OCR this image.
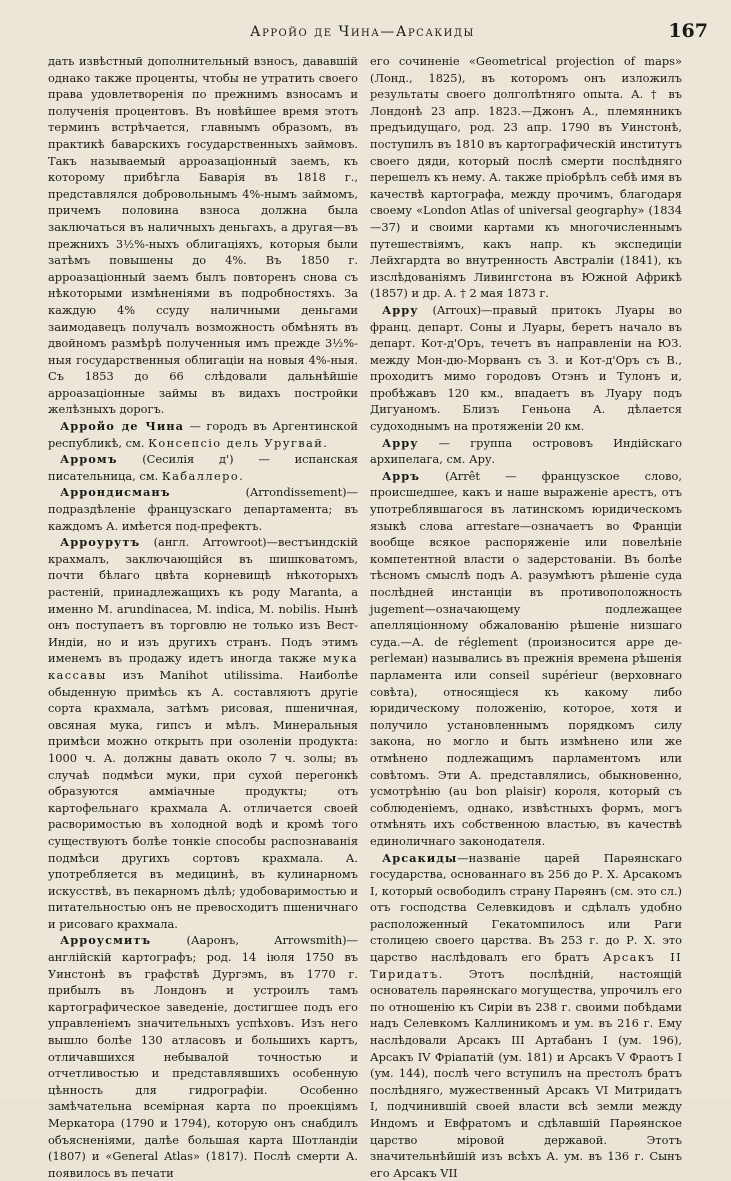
Арройо де Чина—Арсакиды	167

дать извѣстный дополнительный взносъ, дававшій однако также проценты, чтобы не утратить своего права удовлетворенія по прежнимъ взносамъ и полученія процентовъ. Въ новѣйшее время этотъ терминъ встрѣчается, главнымъ образомъ, въ практикѣ баварскихъ государственныхъ займовъ. Такъ называемый арроазаціонный заемъ, къ которому прибѣгла Баварія въ 1818 г., представлялся добровольнымъ 4%-нымъ займомъ, причемъ половина взноса должна была заключаться въ наличныхъ деньгахъ, а другая—въ прежнихъ 3½%-ныхъ облигаціяхъ, которыя были затѣмъ повышены до 4%. Въ 1850 г. арроазаціонный заемъ былъ повторенъ снова съ нѣкоторыми измѣненіями въ подробностяхъ. За каждую 4% ссуду наличными деньгами заимодавецъ получалъ возможность обмѣнять въ двойномъ размѣрѣ полученныя имъ прежде 3½%-ныя государственныя облигаціи на новыя 4%-ныя. Съ 1853 до 66 слѣдовали дальнѣйшіе арроазаціонные займы въ видахъ постройки желѣзныхъ дорогъ.

Арройо де Чина — городъ въ Аргентинской республикѣ, см. Консепсіо дель Уругвай.

Арромъ (Сесилія д') — испанская писательница, см. Кабаллеро.

Аррондисманъ (Arrondissement)—подраздѣленіе французскаго департамента; въ каждомъ А. имѣется под-префектъ.

Арроурутъ (англ. Arrowroot)—вестъиндскій крахмалъ, заключающійся въ шишковатомъ, почти бѣлаго цвѣта корневищѣ нѣкоторыхъ растеній, принадлежащихъ къ роду Maranta, а именно M. arundinacea, M. indica, M. nobilis. Нынѣ онъ поступаетъ въ торговлю не только изъ Вест-Индіи, но и изъ другихъ странъ. Подъ этимъ именемъ въ продажу идетъ иногда также мука кассавы изъ Manihot utilissima. Наиболѣе обыденную примѣсь къ А. составляютъ другіе сорта крахмала, затѣмъ рисовая, пшеничная, овсяная мука, гипсъ и мѣлъ. Минеральныя примѣси можно открыть при озоленіи продукта: 1000 ч. А. должны давать около 7 ч. золы; въ случаѣ подмѣси муки, при сухой перегонкѣ образуются амміачные продукты; отъ картофельнаго крахмала А. отличается своей расворимостью въ холодной водѣ и кромѣ того существуютъ болѣе тонкіе способы распознаванія подмѣси другихъ сортовъ крахмала. А. употребляется въ медицинѣ, въ кулинарномъ искусствѣ, въ пекарномъ дѣлѣ; удобоваримостью и питательностью онъ не превосходитъ пшеничнаго и рисоваго крахмала.

Арроусмитъ (Аарoнъ, Arrowsmith)—англійскій картографъ; род. 14 іюля 1750 въ Уинстонѣ въ графствѣ Дургэмъ, въ 1770 г. прибылъ въ Лондонъ и устроилъ тамъ картографическое заведеніе, достигшее подъ его управленіемъ значительныхъ успѣховъ. Изъ него вышло болѣе 130 атласовъ и большихъ картъ, отличавшихся небывалой точностью и отчетливостью и представлявшихъ особенную цѣнность для гидрографіи. Особенно замѣчательна всемірная карта по проекціямъ Меркатора (1790 и 1794), которую онъ снабдилъ объясненіями, далѣе большая карта Шотландіи (1807) и «General Atlas» (1817). Послѣ смерти А. появилось въ печати

его сочиненіе «Geometrical projection of maps» (Лонд., 1825), въ которомъ онъ изложилъ результаты своего долголѣтняго опыта. А. † въ Лондонѣ 23 апр. 1823.—Джонъ А., племянникъ предъидущаго, род. 23 апр. 1790 въ Уинстонѣ, поступилъ въ 1810 въ картографическій институтъ своего дяди, который послѣ смерти послѣдняго перешелъ къ нему. А. также пріобрѣлъ себѣ имя въ качествѣ картографа, между прочимъ, благодаря своему «London Atlas of universal geography» (1834—37) и своими картами къ многочисленнымъ путешествіямъ, какъ напр. къ экспедиціи Лейхгардта во внутренность Австраліи (1841), къ изслѣдованіямъ Ливингстона въ Южной Африкѣ (1857) и др. А. † 2 мая 1873 г.

Арру (Arroux)—правый притокъ Луары во франц. департ. Соны и Луары, беретъ начало въ департ. Кот-д'Оръ, течетъ въ направленіи на ЮЗ. между Мон-дю-Морванъ съ З. и Кот-д'Оръ съ В., проходитъ мимо городовъ Отэнъ и Тулонъ и, пробѣжавъ 120 км., впадаетъ въ Луару подъ Дигуаномъ. Близъ Геньона А. дѣлается судоходнымъ на протяженіи 20 км.

Арру — группа острововъ Индійскаго архипелага, см. Ару.

Арръ (Arrêt — французское слово, происшедшее, какъ и наше выраженіе арестъ, отъ употреблявшагося въ латинскомъ юридическомъ языкѣ слова arrestare—означаетъ во Франціи вообще всякое распоряженіе или повелѣніе компетентной власти о задерстованіи. Въ болѣе тѣсномъ смыслѣ подъ А. разумѣютъ рѣшеніе суда послѣдней инстанціи въ противоположность jugement—означающему подлежащее апелляціонному обжалованію рѣшеніе низшаго суда.—А. de réglement (произносится арре де-регleман) назывались въ прежнія времена рѣшенія парламента или conseil supérieur (верховнаго совѣта), относящіеся къ какому либо юридическому положенію, которое, хотя и получило установленнымъ порядкомъ силу закона, но могло и быть измѣнено или же отмѣнено подлежащимъ парламентомъ или совѣтомъ. Эти А. представлялись, обыкновенно, усмотрѣнію (au bon plaisir) короля, который съ соблюденіемъ, однако, извѣстныхъ формъ, могъ отмѣнять ихъ собственною властью, въ качествѣ единоличнаго законодателя.

Арсакиды—названіе царей Парѳянскаго государства, основаннаго въ 256 до Р. Х. Арсакомъ I, который освободилъ страну Парѳянъ (см. это сл.) отъ господства Селевкидовъ и сдѣлалъ удобно расположенный Гекатомпилосъ или Раги столицею своего царства. Въ 253 г. до Р. Х. это царство наслѣдовалъ его братъ Арсакъ II Тиридатъ. Этотъ послѣдній, настоящій основатель парѳянскаго могущества, упрочилъ его по отношенію къ Сиріи въ 238 г. своими побѣдами надъ Селевкомъ Каллиникомъ и ум. въ 216 г. Ему наслѣдовали Арсакъ III Артабанъ I (ум. 196), Арсакъ IV Фріапатій (ум. 181) и Арсакъ V Фраотъ I (ум. 144), послѣ чего вступилъ на престолъ братъ послѣдняго, мужественный Арсакъ VI Митридатъ I, подчинившій своей власти всѣ земли между Индомъ и Евфратомъ и сдѣлавшій Парѳянское царство міровой державой. Этотъ значительнѣйшій изъ всѣхъ А. ум. въ 136 г. Сынъ его Арсакъ VII
